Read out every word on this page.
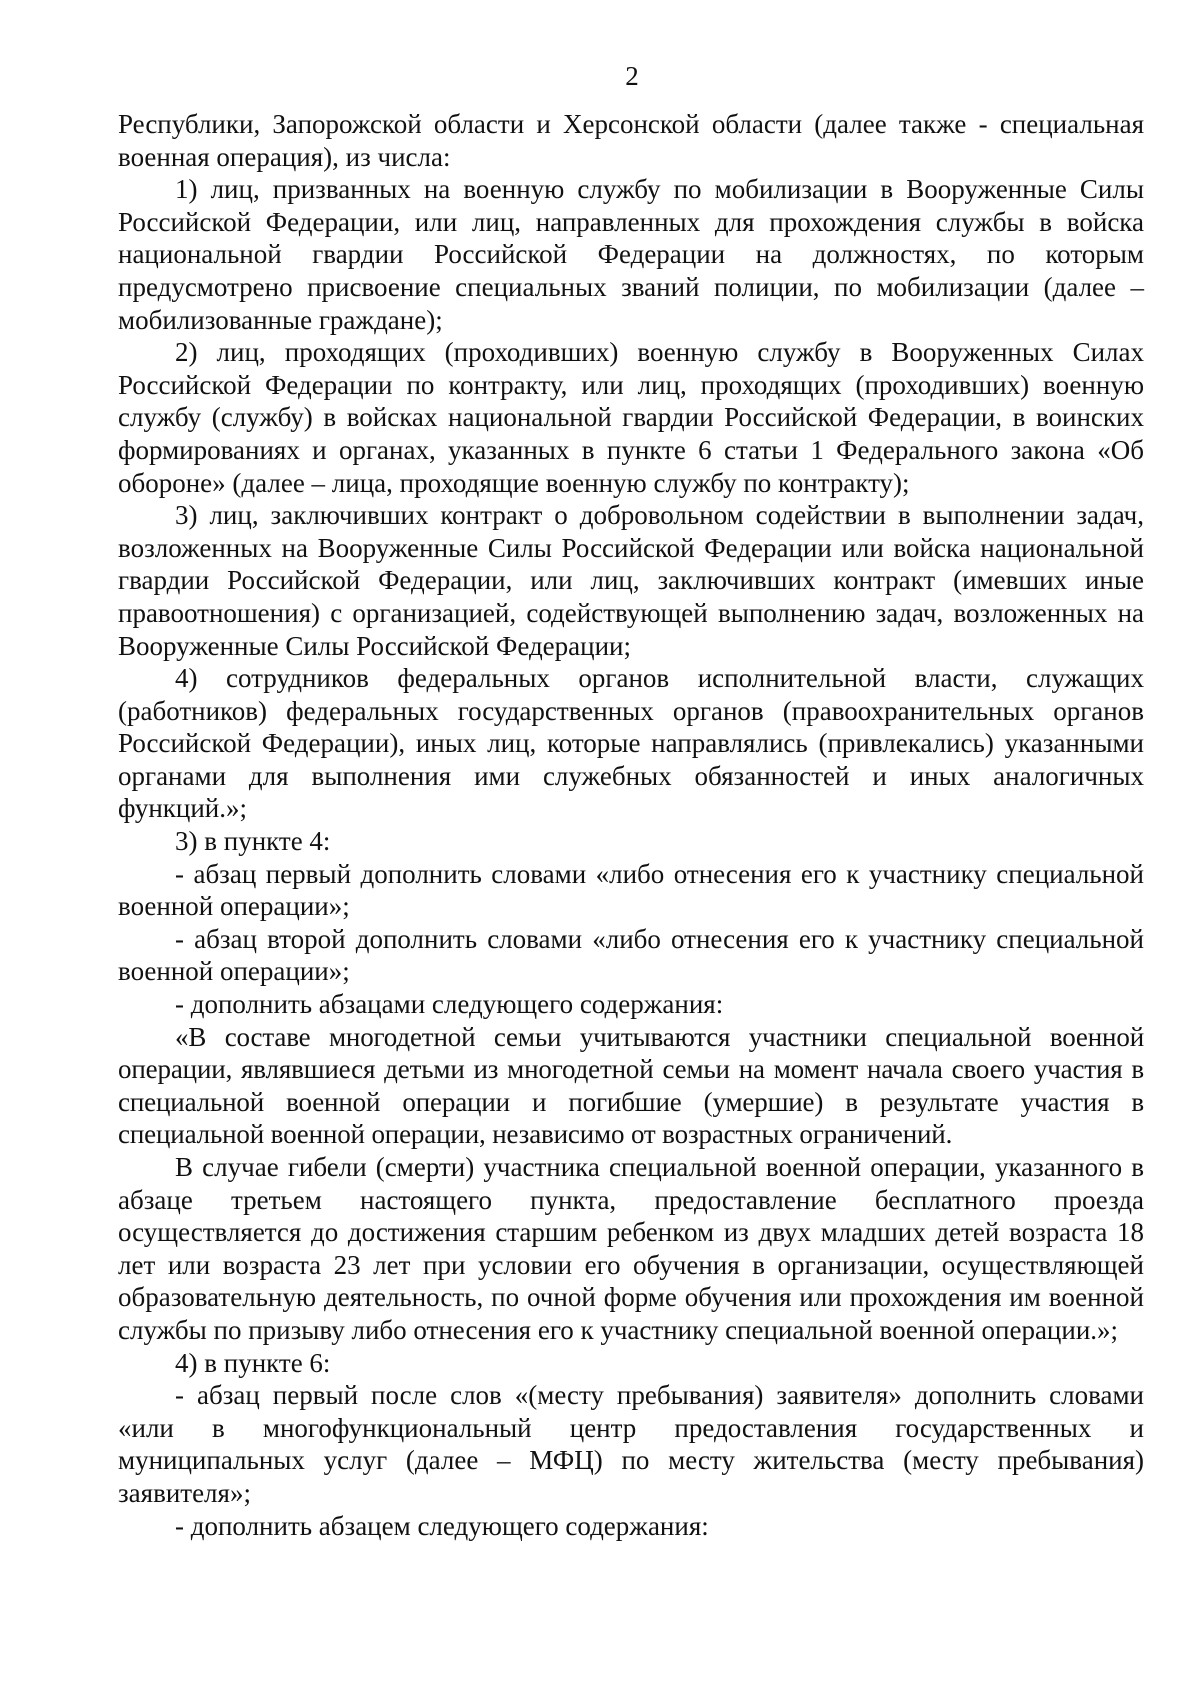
2

Республики, Запорожской области и Херсонской области (далее также - специальная военная операция), из числа:

1) лиц, призванных на военную службу по мобилизации в Вооруженные Силы Российской Федерации, или лиц, направленных для прохождения службы в войска национальной гвардии Российской Федерации на должностях, по которым предусмотрено присвоение специальных званий полиции, по мобилизации (далее – мобилизованные граждане);

2) лиц, проходящих (проходивших) военную службу в Вооруженных Силах Российской Федерации по контракту, или лиц, проходящих (проходивших) военную службу (службу) в войсках национальной гвардии Российской Федерации, в воинских формированиях и органах, указанных в пункте 6 статьи 1 Федерального закона «Об обороне» (далее – лица, проходящие военную службу по контракту);

3) лиц, заключивших контракт о добровольном содействии в выполнении задач, возложенных на Вооруженные Силы Российской Федерации или войска национальной гвардии Российской Федерации, или лиц, заключивших контракт (имевших иные правоотношения) с организацией, содействующей выполнению задач, возложенных на Вооруженные Силы Российской Федерации;

4) сотрудников федеральных органов исполнительной власти, служащих (работников) федеральных государственных органов (правоохранительных органов Российской Федерации), иных лиц, которые направлялись (привлекались) указанными органами для выполнения ими служебных обязанностей и иных аналогичных функций.»;

3) в пункте 4:

- абзац первый дополнить словами «либо отнесения его к участнику специальной военной операции»;

- абзац второй дополнить словами «либо отнесения его к участнику специальной военной операции»;

- дополнить абзацами следующего содержания:

«В составе многодетной семьи учитываются участники специальной военной операции, являвшиеся детьми из многодетной семьи на момент начала своего участия в специальной военной операции и погибшие (умершие) в результате участия в специальной военной операции, независимо от возрастных ограничений.

В случае гибели (смерти) участника специальной военной операции, указанного в абзаце третьем настоящего пункта, предоставление бесплатного проезда осуществляется до достижения старшим ребенком из двух младших детей возраста 18 лет или возраста 23 лет при условии его обучения в организации, осуществляющей образовательную деятельность, по очной форме обучения или прохождения им военной службы по призыву либо отнесения его к участнику специальной военной операции.»;

4) в пункте 6:

- абзац первый после слов «(месту пребывания) заявителя» дополнить словами «или в многофункциональный центр предоставления государственных и муниципальных услуг (далее – МФЦ) по месту жительства (месту пребывания) заявителя»;

- дополнить абзацем следующего содержания:
